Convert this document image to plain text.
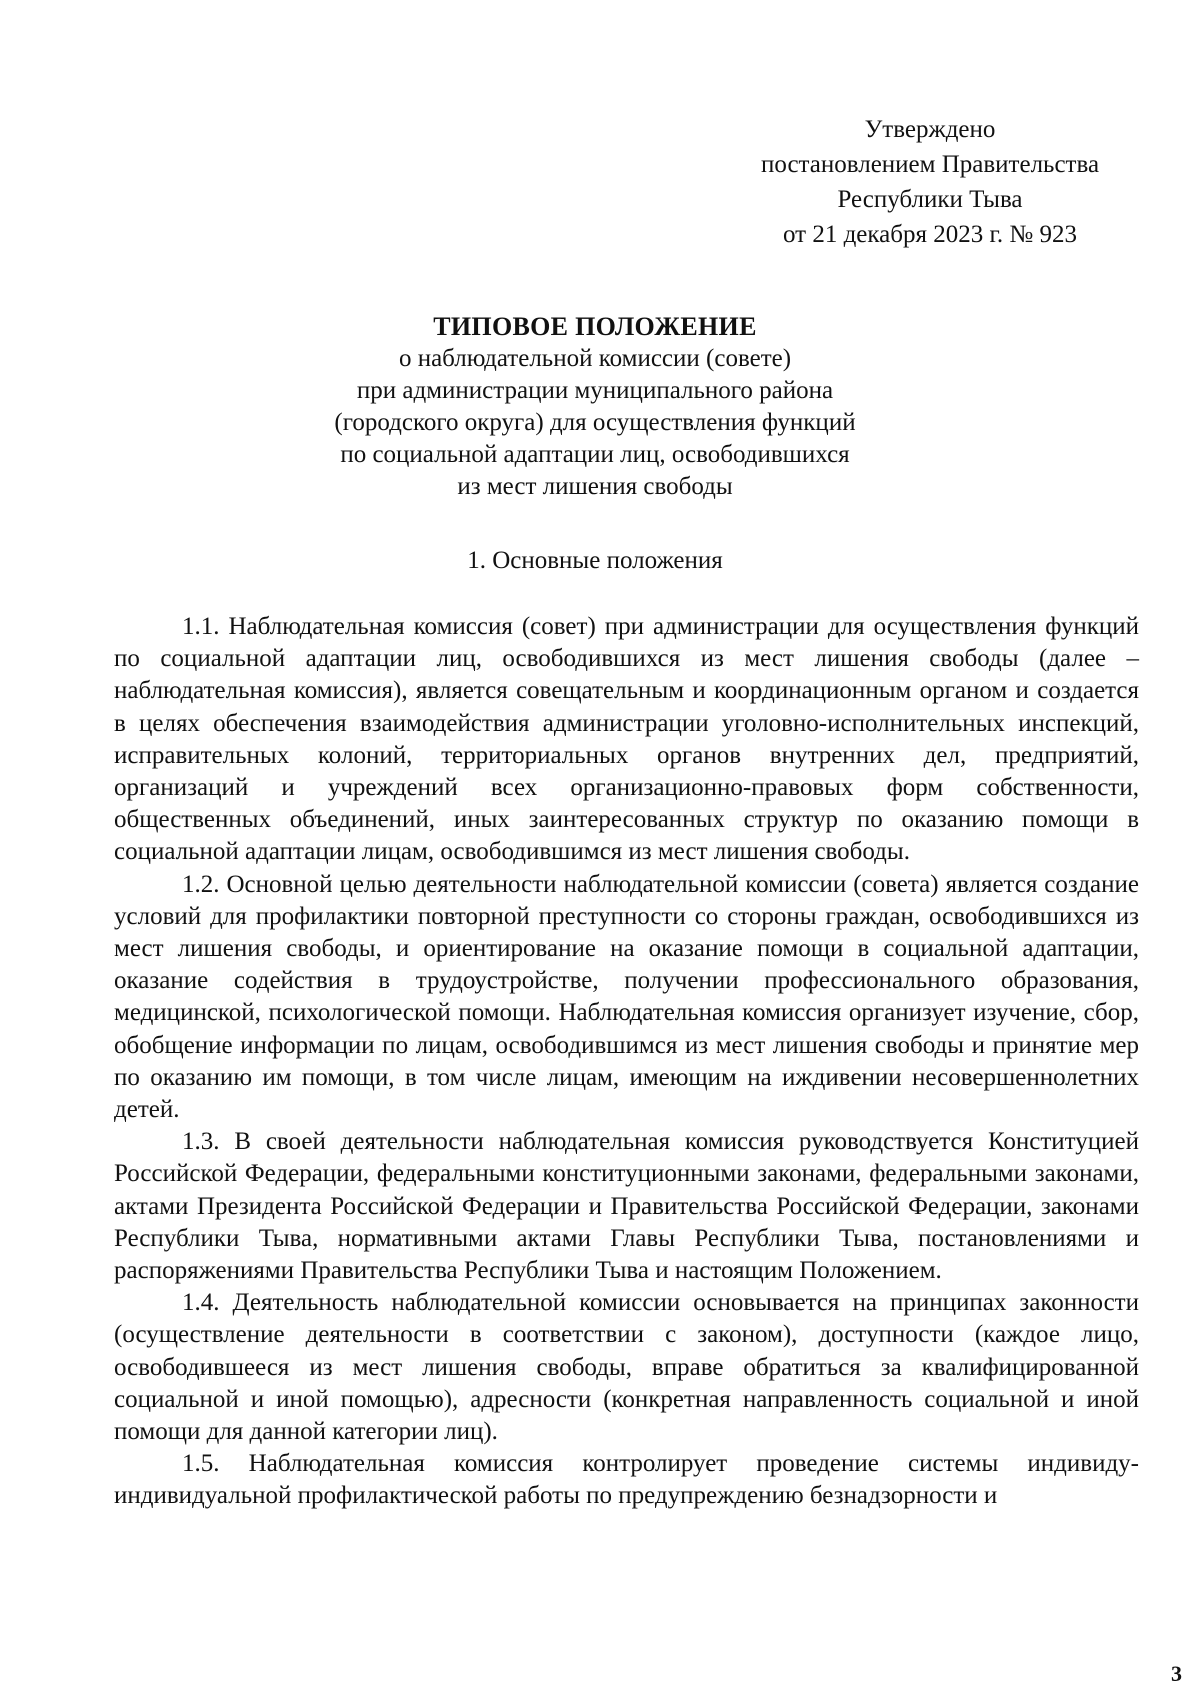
Утверждено
постановлением Правительства
Республики Тыва
от 21 декабря 2023 г. № 923
ТИПОВОЕ ПОЛОЖЕНИЕ
о наблюдательной комиссии (совете)
при администрации муниципального района
(городского округа) для осуществления функций
по социальной адаптации лиц, освободившихся
из мест лишения свободы
1. Основные положения

1.1. Наблюдательная комиссия (совет) при администрации для осуществления функций по социальной адаптации лиц, освободившихся из мест лишения свободы (далее – наблюдательная комиссия), является совещательным и координационным органом и создается в целях обеспечения взаимодействия администрации уголовно-исполнительных инспекций, исправительных колоний, территориальных органов внутренних дел, предприятий, организаций и учреждений всех организационно-правовых форм собственности, общественных объединений, иных заинтересованных структур по оказанию помощи в социальной адаптации лицам, освободившимся из мест лишения свободы.

1.2. Основной целью деятельности наблюдательной комиссии (совета) является создание условий для профилактики повторной преступности со стороны граждан, освободившихся из мест лишения свободы, и ориентирование на оказание помощи в социальной адаптации, оказание содействия в трудоустройстве, получении профессионального образования, медицинской, психологической помощи. Наблюдательная комиссия организует изучение, сбор, обобщение информации по лицам, освободившимся из мест лишения свободы и принятие мер по оказанию им помощи, в том числе лицам, имеющим на иждивении несовершеннолетних детей.

1.3. В своей деятельности наблюдательная комиссия руководствуется Конституцией Российской Федерации, федеральными конституционными законами, федеральными законами, актами Президента Российской Федерации и Правительства Российской Федерации, законами Республики Тыва, нормативными актами Главы Республики Тыва, постановлениями и распоряжениями Правительства Республики Тыва и настоящим Положением.

1.4. Деятельность наблюдательной комиссии основывается на принципах законности (осуществление деятельности в соответствии с законом), доступности (каждое лицо, освободившееся из мест лишения свободы, вправе обратиться за квалифицированной социальной и иной помощью), адресности (конкретная направленность социальной и иной помощи для данной категории лиц).

1.5. Наблюдательная комиссия контролирует проведение системы индивиду-индивидуальной профилактической работы по предупреждению безнадзорности и

3
